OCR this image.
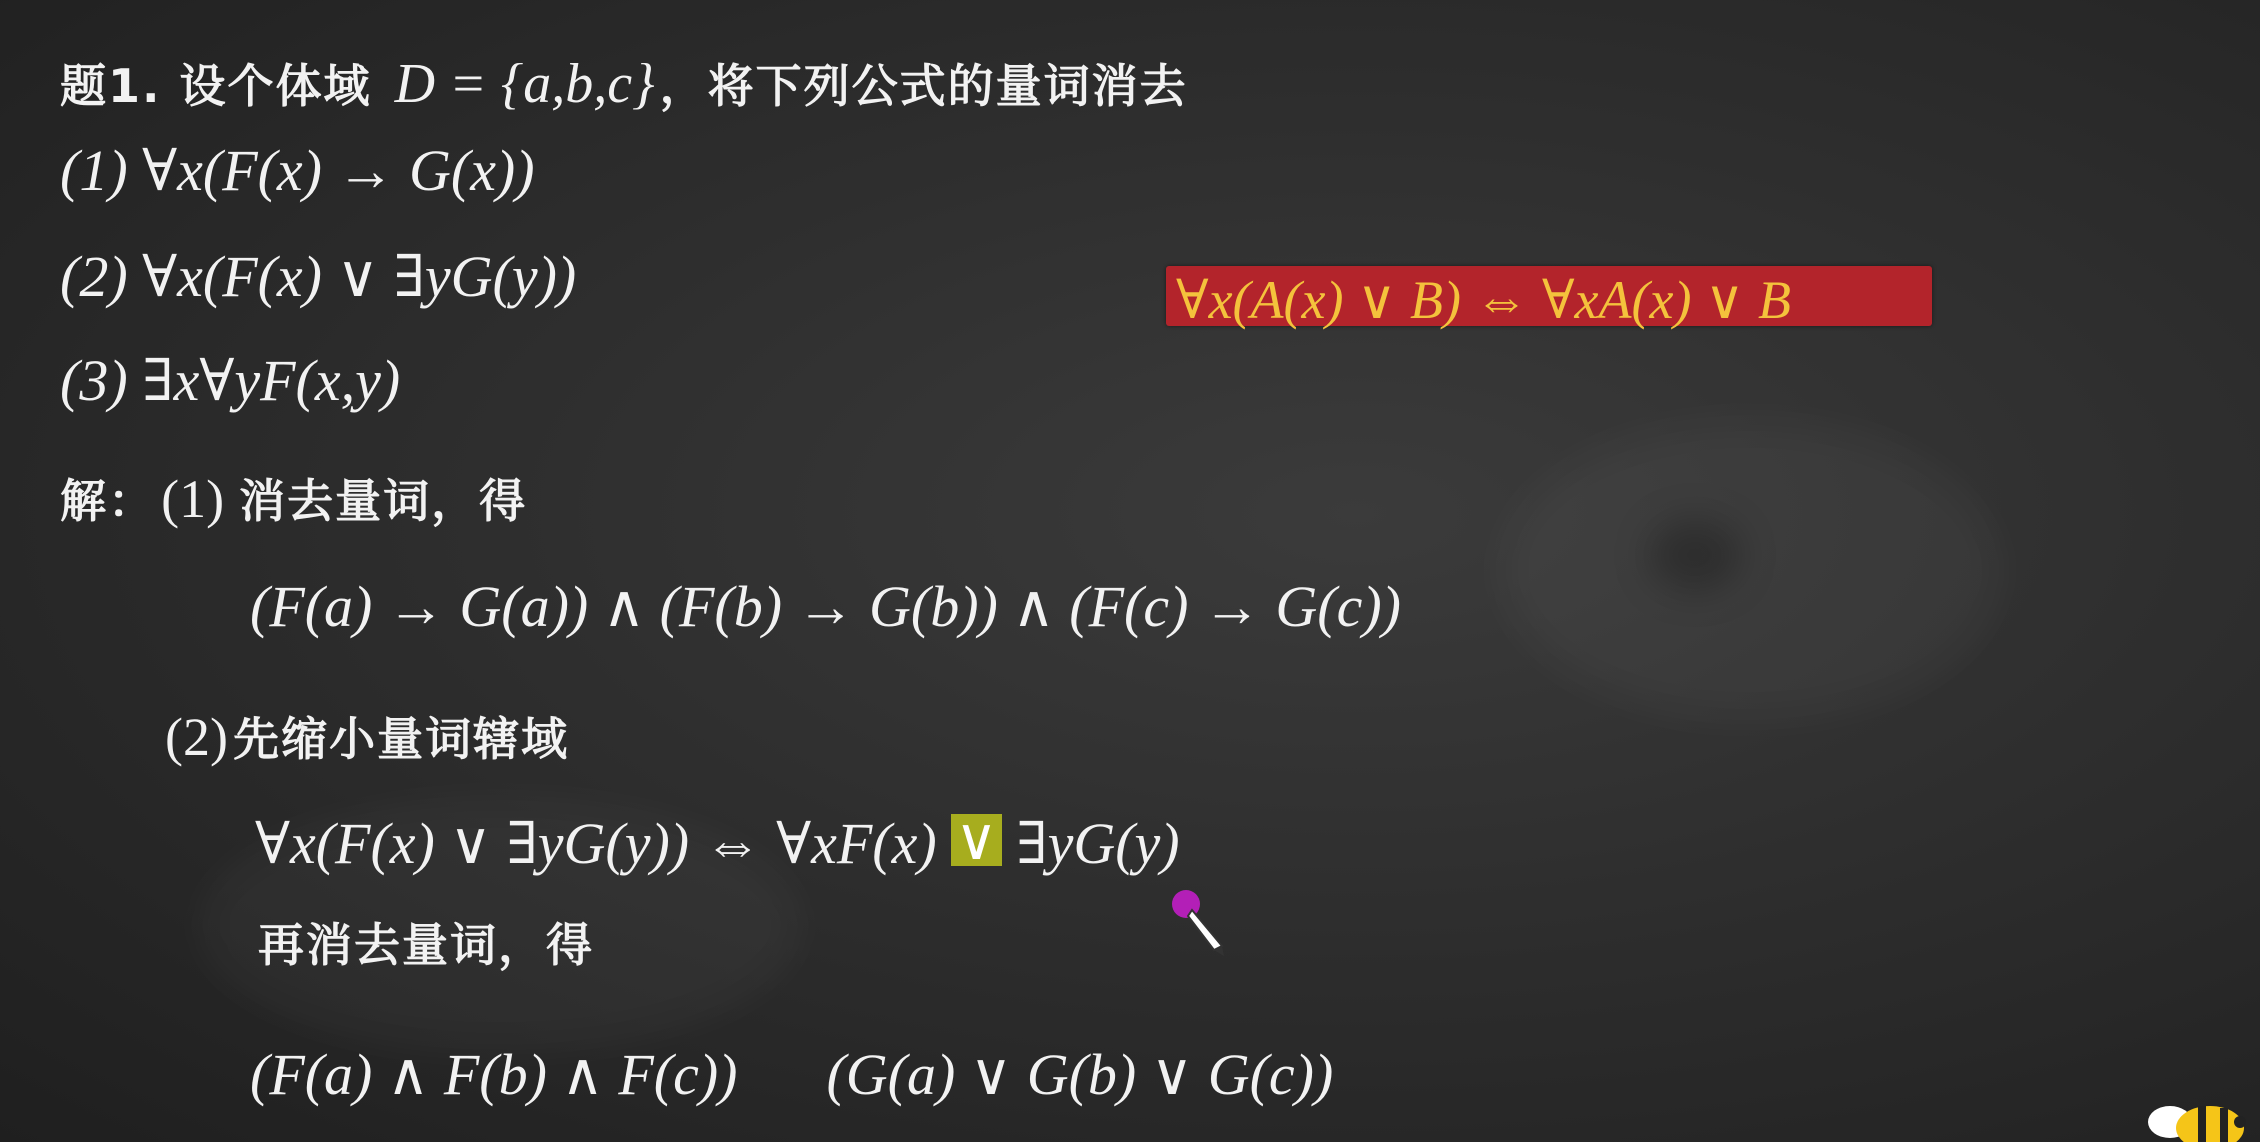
题1. 设个体域 D = {a,b,c} ，将下列公式的量词消去
(1) ∀x(F(x) → G(x))
(2) ∀x(F(x) ∨ ∃yG(y))
(3) ∃x∀yF(x,y)
∀x(A(x) ∨ B) ⇔ ∀xA(x) ∨ B
解： (1) 消去量词，得
(F(a) → G(a)) ∧ (F(b) → G(b)) ∧ (F(c) → G(c))
(2) 先缩小量词辖域
∀x(F(x) ∨ ∃yG(y)) ⇔ ∀xF(x) ∨ ∃yG(y)
再消去量词，得
(F(a) ∧ F(b) ∧ F(c)) (G(a) ∨ G(b) ∨ G(c))
